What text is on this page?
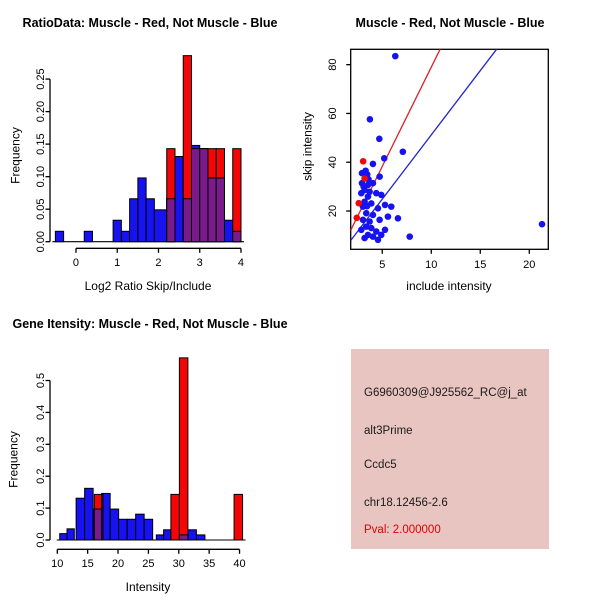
0.00
0.05
0.10
0.15
0.20
0.25
0	1	2	3	4	5	10	15	20
20
40
60
80
0.0
0.1
0.2
0.3
0.4
0.5
10 15 20 25 30 35 40
RatioData: Muscle - Red, Not Muscle - Blue	Muscle - Red, Not Muscle - Blue
Gene Itensity: Muscle - Red, Not Muscle - Blue
Log2 Ratio Skip/Include
Frequency
include intensity
skip intensity
Intensity
Frequency
G6960309@J925562_RC@j_at
alt3Prime
Ccdc5
chr18.12456-2.6
Pval: 2.000000
